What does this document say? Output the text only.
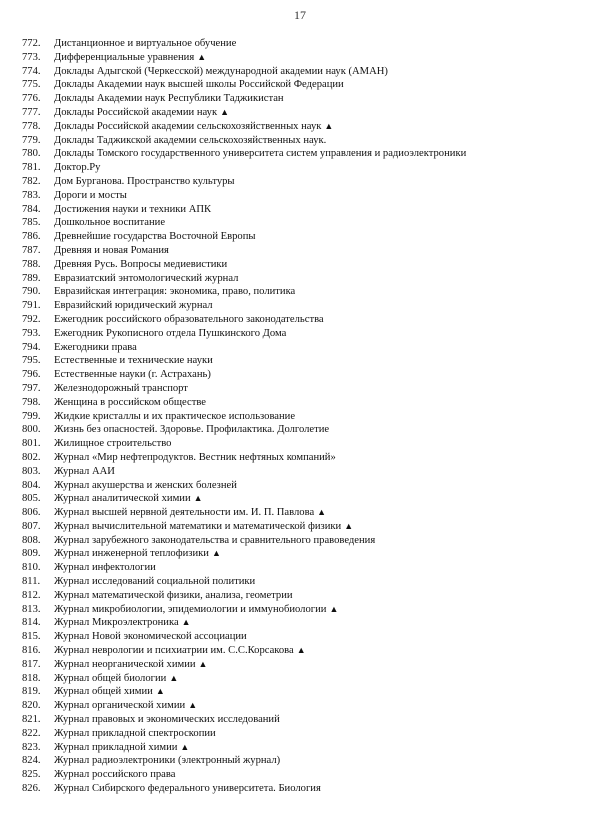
17
772. Дистанционное и виртуальное обучение
773. Дифференциальные уравнения ▲
774. Доклады Адыгской (Черкесской) международной академии наук (АМАН)
775. Доклады Академии наук высшей школы Российской Федерации
776. Доклады Академии наук Республики Таджикистан
777. Доклады Российской академии наук ▲
778. Доклады Российской академии сельскохозяйственных наук ▲
779. Доклады Таджикской академии сельскохозяйственных наук.
780. Доклады Томского государственного университета систем управления и радиоэлектроники
781. Доктор.Ру
782. Дом Бурганова. Пространство культуры
783. Дороги и мосты
784. Достижения науки и техники АПК
785. Дошкольное воспитание
786. Древнейшие государства Восточной Европы
787. Древняя и новая Романия
788. Древняя Русь. Вопросы медиевистики
789. Евразиатский энтомологический журнал
790. Евразийская интеграция: экономика, право, политика
791. Евразийский юридический журнал
792. Ежегодник российского образовательного законодательства
793. Ежегодник Рукописного отдела Пушкинского Дома
794. Ежегодники права
795. Естественные и технические науки
796. Естественные науки (г. Астрахань)
797. Железнодорожный транспорт
798. Женщина в российском обществе
799. Жидкие кристаллы и их практическое использование
800. Жизнь без опасностей. Здоровье. Профилактика. Долголетие
801. Жилищное строительство
802. Журнал «Мир нефтепродуктов. Вестник нефтяных компаний»
803. Журнал ААИ
804. Журнал акушерства и женских болезней
805. Журнал аналитической химии ▲
806. Журнал высшей нервной деятельности им. И. П. Павлова ▲
807. Журнал вычислительной математики и математической физики ▲
808. Журнал зарубежного законодательства и сравнительного правоведения
809. Журнал инженерной теплофизики ▲
810. Журнал инфектологии
811. Журнал исследований социальной политики
812. Журнал математической физики, анализа, геометрии
813. Журнал микробиологии, эпидемиологии и иммунобиологии ▲
814. Журнал Микроэлектроника ▲
815. Журнал Новой экономической ассоциации
816. Журнал неврологии и психиатрии им. С.С.Корсакова ▲
817. Журнал неорганической химии ▲
818. Журнал общей биологии ▲
819. Журнал общей химии ▲
820. Журнал органической химии ▲
821. Журнал правовых и экономических исследований
822. Журнал прикладной спектроскопии
823. Журнал прикладной химии ▲
824. Журнал радиоэлектроники (электронный журнал)
825. Журнал российского права
826. Журнал Сибирского федерального университета. Биология
